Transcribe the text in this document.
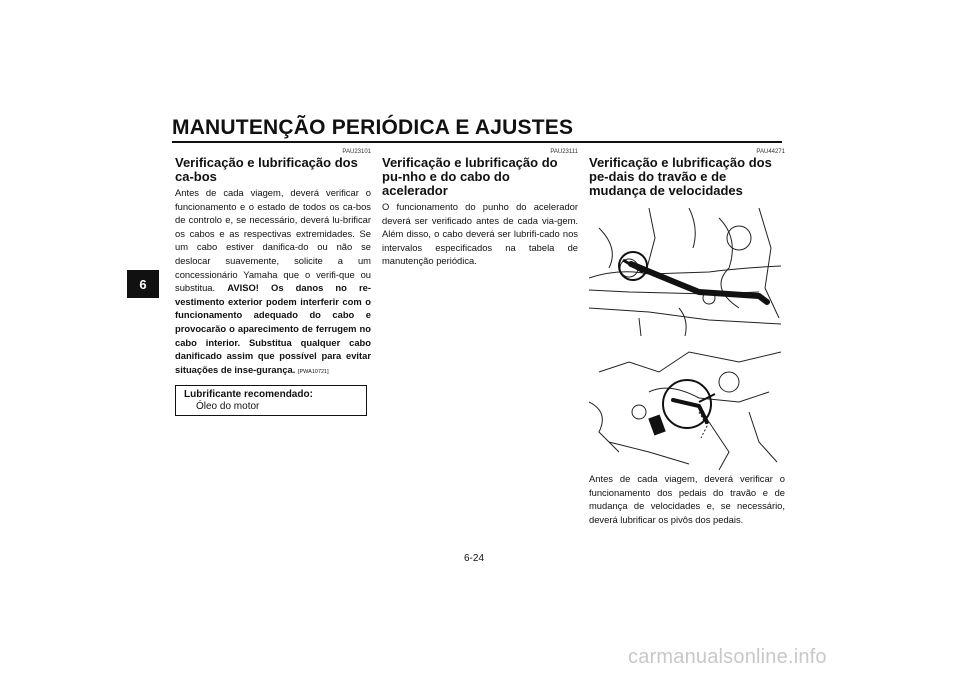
MANUTENÇÃO PERIÓDICA E AJUSTES
6
PAU23101
Verificação e lubrificação dos ca-bos

Antes de cada viagem, deverá verificar o funcionamento e o estado de todos os ca-bos de controlo e, se necessário, deverá lu-brificar os cabos e as respectivas extremidades. Se um cabo estiver danifica-do ou não se deslocar suavemente, solicite a um concessionário Yamaha que o verifi-que ou substitua. AVISO! Os danos no re-vestimento exterior podem interferir com o funcionamento adequado do cabo e provocarão o aparecimento de ferrugem no cabo interior. Substitua qualquer cabo danificado assim que possível para evitar situações de inse-gurança. [PWA10721]

Lubrificante recomendado:
Óleo do motor
PAU23111
Verificação e lubrificação do pu-nho e do cabo do acelerador

O funcionamento do punho do acelerador deverá ser verificado antes de cada via-gem. Além disso, o cabo deverá ser lubrifi-cado nos intervalos especificados na tabela de manutenção periódica.

PAU44271
Verificação e lubrificação dos pe-dais do travão e de mudança de velocidades

Antes de cada viagem, deverá verificar o funcionamento dos pedais do travão e de mudança de velocidades e, se necessário, deverá lubrificar os pivôs dos pedais.

6-24
carmanualsonline.info
